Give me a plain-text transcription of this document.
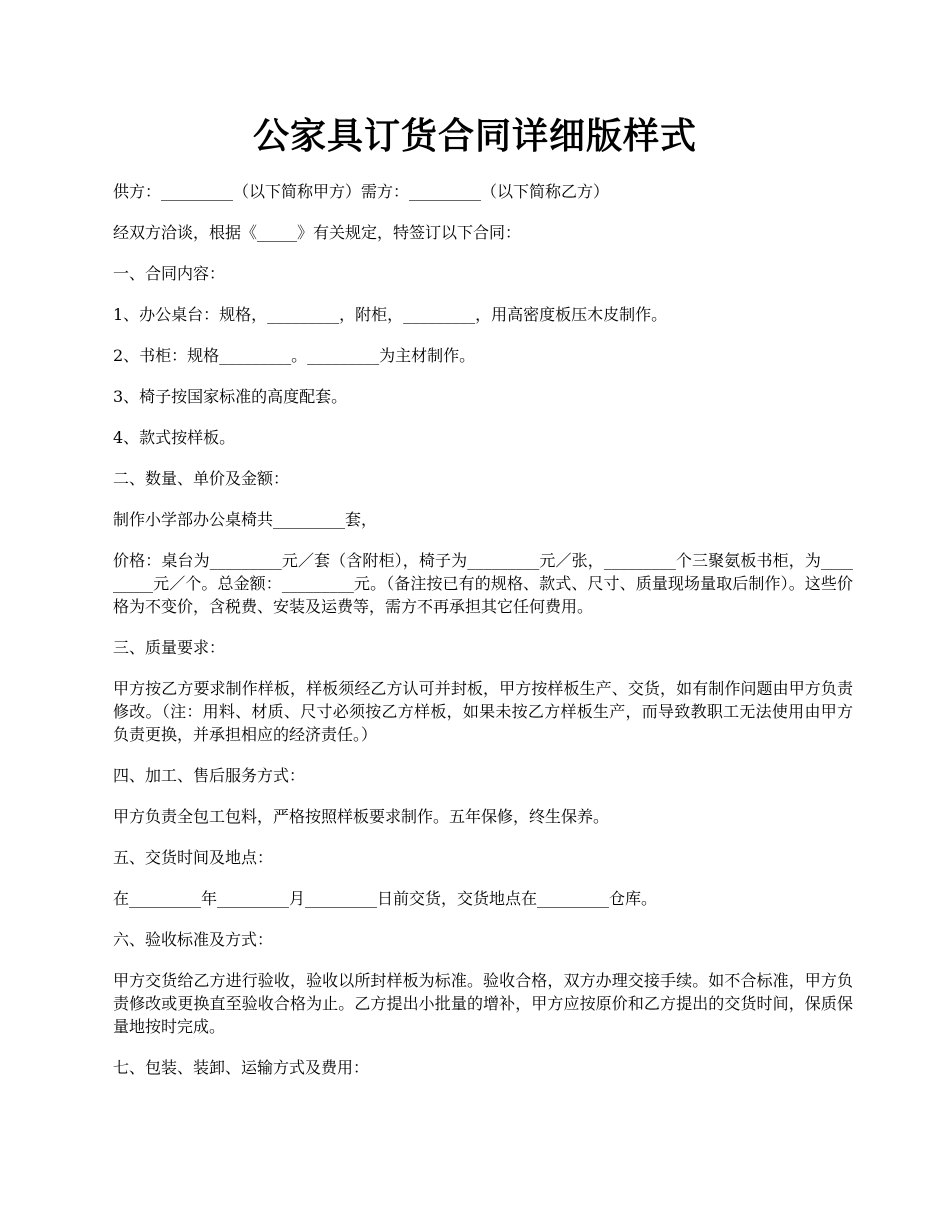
公家具订货合同详细版样式

供方：_________（以下简称甲方）需方：_________（以下简称乙方）

经双方洽谈，根据《_____》有关规定，特签订以下合同：

一、合同内容：

1、办公桌台：规格，_________，附柜，_________，用高密度板压木皮制作。

2、书柜：规格_________。_________为主材制作。

3、椅子按国家标准的高度配套。

4、款式按样板。

二、数量、单价及金额：

制作小学部办公桌椅共_________套，

价格：桌台为_________元／套（含附柜），椅子为_________元／张，_________个三聚氨板书柜，为_________元／个。总金额：_________元。（备注按已有的规格、款式、尺寸、质量现场量取后制作）。这些价格为不变价，含税费、安装及运费等，需方不再承担其它任何费用。

三、质量要求：

甲方按乙方要求制作样板，样板须经乙方认可并封板，甲方按样板生产、交货，如有制作问题由甲方负责修改。（注：用料、材质、尺寸必须按乙方样板，如果未按乙方样板生产，而导致教职工无法使用由甲方负责更换，并承担相应的经济责任。）

四、加工、售后服务方式：

甲方负责全包工包料，严格按照样板要求制作。五年保修，终生保养。

五、交货时间及地点：

在_________年_________月_________日前交货，交货地点在_________仓库。

六、验收标准及方式：

甲方交货给乙方进行验收，验收以所封样板为标准。验收合格，双方办理交接手续。如不合标准，甲方负责修改或更换直至验收合格为止。乙方提出小批量的增补，甲方应按原价和乙方提出的交货时间，保质保量地按时完成。

七、包装、装卸、运输方式及费用：
